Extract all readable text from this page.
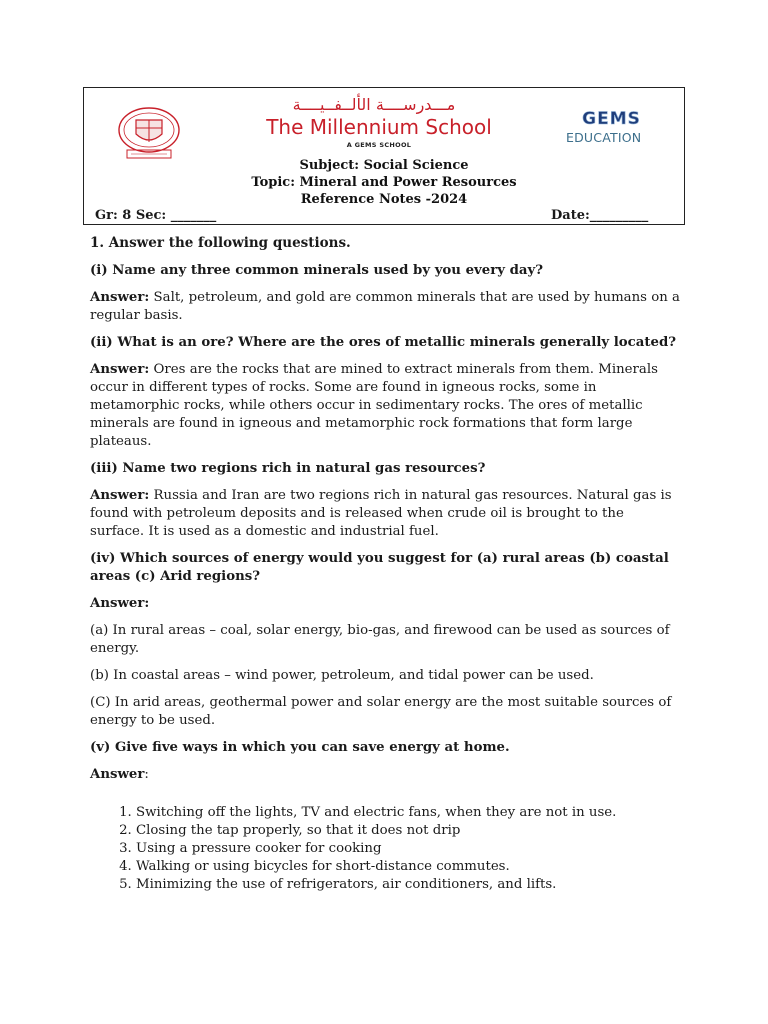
مـــدرســــة الألــفــيــــة
The Millennium School
A GEMS SCHOOL
GEMS
EDUCATION
Subject: Social Science
Topic: Mineral and Power Resources
Reference Notes -2024
Gr: 8 Sec: _______	Date:_________
1. Answer the following questions.
(i) Name any three common minerals used by you every day?
Answer: Salt, petroleum, and gold are common minerals that are used by humans on a regular basis.
(ii) What is an ore? Where are the ores of metallic minerals generally located?
Answer: Ores are the rocks that are mined to extract minerals from them. Minerals occur in different types of rocks. Some are found in igneous rocks, some in metamorphic rocks, while others occur in sedimentary rocks. The ores of metallic minerals are found in igneous and metamorphic rock formations that form large plateaus.
(iii) Name two regions rich in natural gas resources?
Answer: Russia and Iran are two regions rich in natural gas resources. Natural gas is found with petroleum deposits and is released when crude oil is brought to the surface. It is used as a domestic and industrial fuel.
(iv) Which sources of energy would you suggest for (a) rural areas (b) coastal areas (c) Arid regions?
Answer:
(a) In rural areas – coal, solar energy, bio-gas, and firewood can be used as sources of energy.
(b) In coastal areas – wind power, petroleum, and tidal power can be used.
(C) In arid areas, geothermal power and solar energy are the most suitable sources of energy to be used.
(v) Give five ways in which you can save energy at home.
Answer:
1. Switching off the lights, TV and electric fans, when they are not in use.
2. Closing the tap properly, so that it does not drip
3. Using a pressure cooker for cooking
4. Walking or using bicycles for short-distance commutes.
5. Minimizing the use of refrigerators, air conditioners, and lifts.
